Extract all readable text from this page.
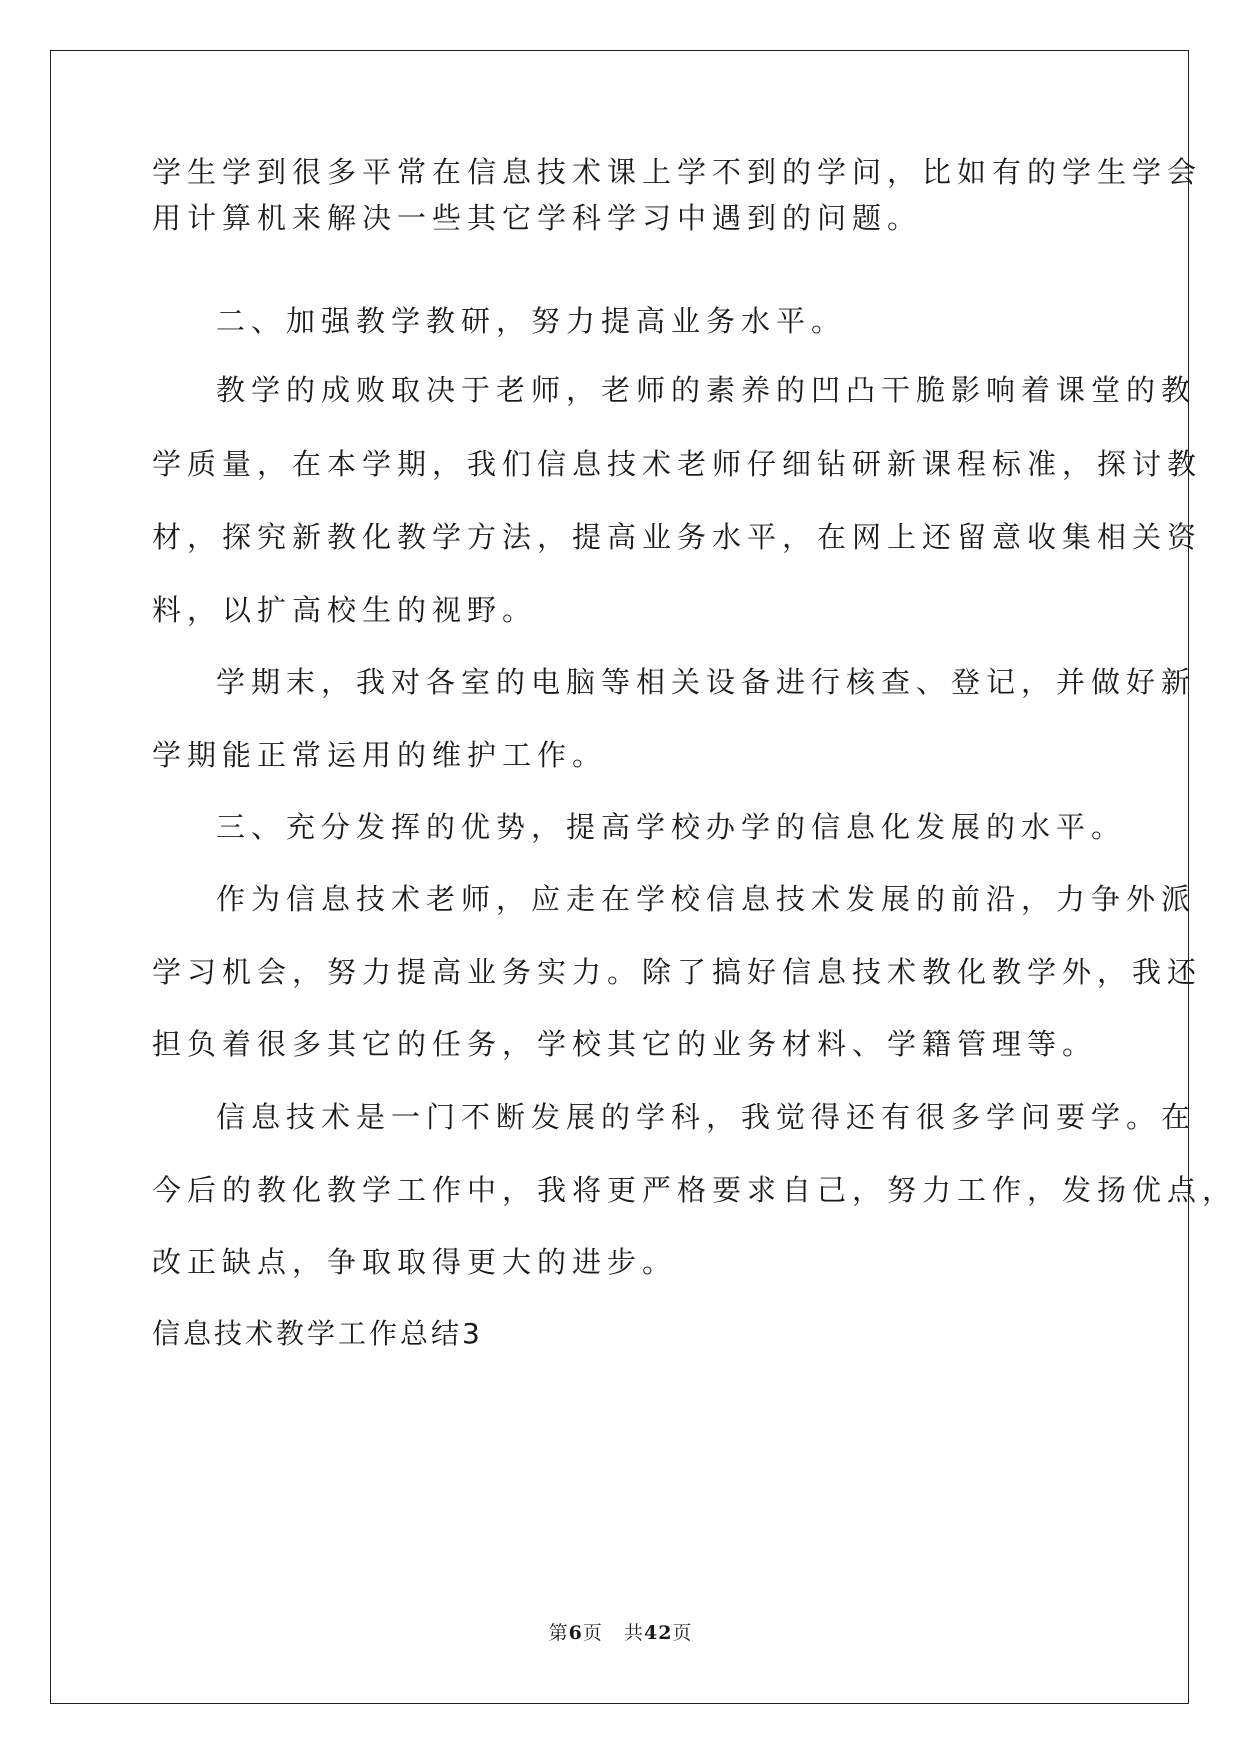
学生学到很多平常在信息技术课上学不到的学问，比如有的学生学会
用计算机来解决一些其它学科学习中遇到的问题。
二、加强教学教研，努力提高业务水平。
教学的成败取决于老师，老师的素养的凹凸干脆影响着课堂的教
学质量，在本学期，我们信息技术老师仔细钻研新课程标准，探讨教
材，探究新教化教学方法，提高业务水平，在网上还留意收集相关资
料，以扩高校生的视野。
学期末，我对各室的电脑等相关设备进行核查、登记，并做好新
学期能正常运用的维护工作。
三、充分发挥的优势，提高学校办学的信息化发展的水平。
作为信息技术老师，应走在学校信息技术发展的前沿，力争外派
学习机会，努力提高业务实力。除了搞好信息技术教化教学外，我还
担负着很多其它的任务，学校其它的业务材料、学籍管理等。
信息技术是一门不断发展的学科，我觉得还有很多学问要学。在
今后的教化教学工作中，我将更严格要求自己，努力工作，发扬优点，
改正缺点，争取取得更大的进步。
信息技术教学工作总结3
第6页 共42页
